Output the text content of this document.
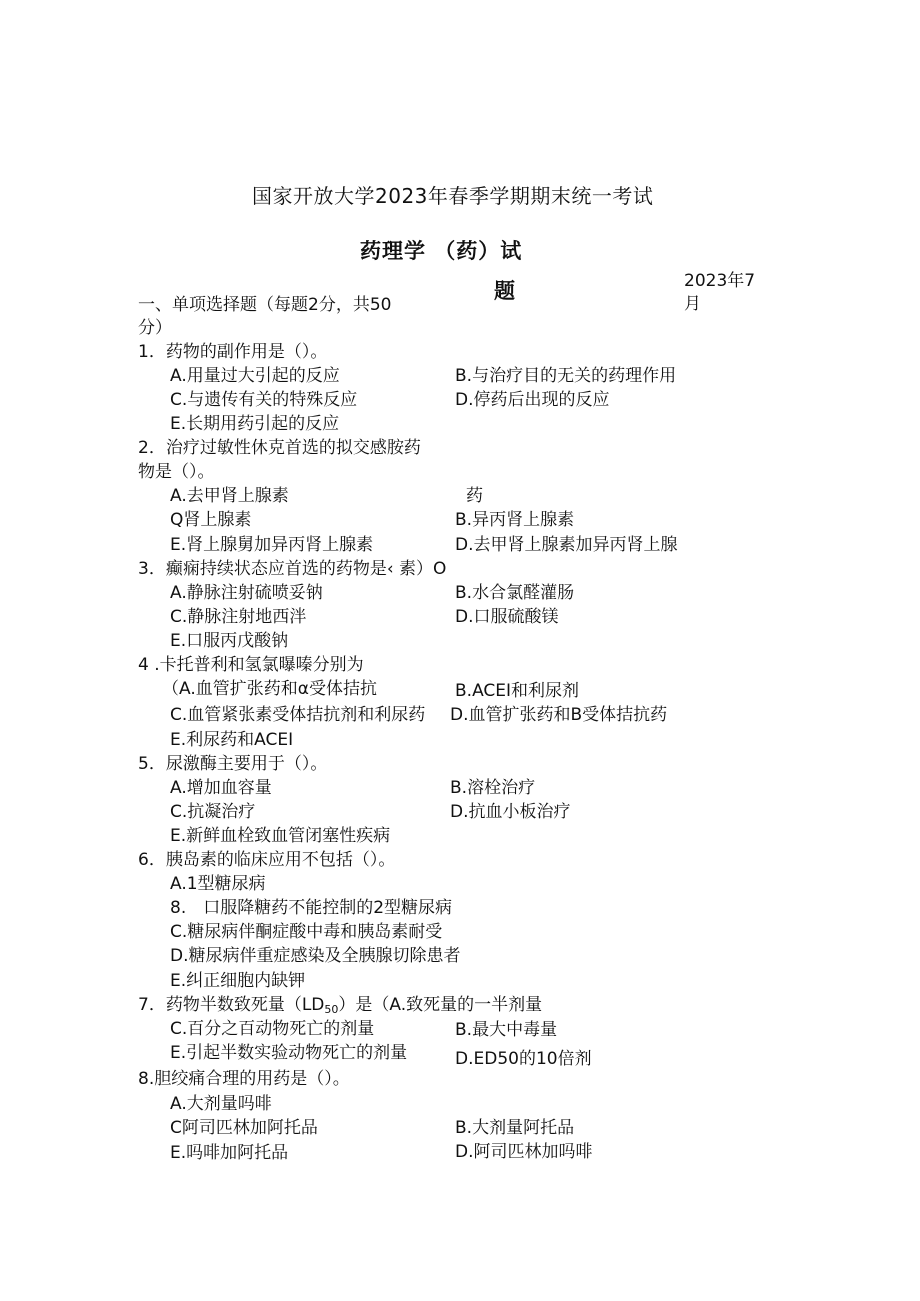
国家开放大学2023年春季学期期末统一考试
药理学 （药）试
题	2023年7
月
一、单项选择题（每题2分，共50
分）
1．药物的副作用是（）。
A.用量过大引起的反应	B.与治疗目的无关的药理作用
C.与遗传有关的特殊反应	D.停药后出现的反应
E.长期用药引起的反应
2．治疗过敏性休克首选的拟交感胺药
物是（）。
A.去甲肾上腺素	药
Q肾上腺素	B.异丙肾上腺素
E.肾上腺舅加异丙肾上腺素	D.去甲肾上腺素加异丙肾上腺
3．癫痫持续状态应首选的药物是‹ 素）O
A.静脉注射硫喷妥钠	B.水合氯醛灌肠
C.静脉注射地西泮	D.口服硫酸镁
E.口服丙戊酸钠
4 .卡托普利和氢氯曝嗪分别为
（A.血管扩张药和α受体拮抗	B.ACEI和利尿剂
C.血管紧张素受体拮抗剂和利尿药 D.血管扩张药和B受体拮抗药
E.利尿药和ACEI
5．尿激酶主要用于（）。
A.增加血容量	B.溶栓治疗
C.抗凝治疗	D.抗血小板治疗
E.新鲜血栓致血管闭塞性疾病
6．胰岛素的临床应用不包括（）。
A.1型糖尿病
8.　口服降糖药不能控制的2型糖尿病
C.糖尿病伴酮症酸中毒和胰岛素耐受
D.糖尿病伴重症感染及全胰腺切除患者
E.纠正细胞内缺钾
7．药物半数致死量$(LD_{50})$是（A.致死量的一半剂量
C.百分之百动物死亡的剂量	B.最大中毒量
E.引起半数实验动物死亡的剂量	D.ED50的10倍剂
8.胆绞痛合理的用药是（）。
A.大剂量吗啡
C阿司匹林加阿托品	B.大剂量阿托品
E.吗啡加阿托品	D.阿司匹林加吗啡
